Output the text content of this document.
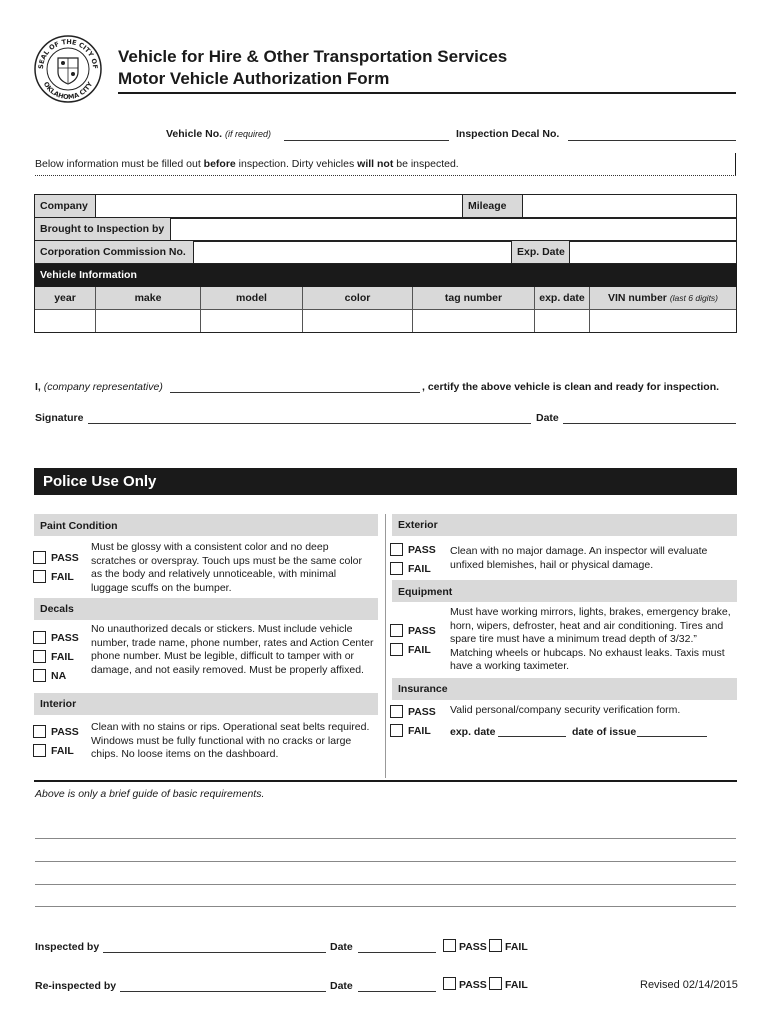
SEAL OF THE CITY OF
OKLAHOMA CITY
Vehicle for Hire & Other Transportation Services
Motor Vehicle Authorization Form
Vehicle No. (if required)	Inspection Decal No.
Below information must be filled out before inspection. Dirty vehicles will not be inspected.
Company	Mileage
Brought to Inspection by
Corporation Commission No.	Exp. Date
Vehicle Information
year	make	model	color	tag number	exp. date	VIN number (last 6 digits)
I, (company representative)	, certify the above vehicle is clean and ready for inspection.
Signature	Date
Police Use Only
Paint Condition
PASS
FAIL
Must be glossy with a consistent color and no deep scratches or overspray. Touch ups must be the same color as the body and relatively unnoticeable, with minimal luggage scuffs on the bumper.
Decals
PASS
FAIL
NA
No unauthorized decals or stickers. Must include vehicle number, trade name, phone number, rates and Action Center phone number. Must be legible, difficult to tamper with or damage, and not easily removed. Must be properly affixed.
Interior
PASS
FAIL
Clean with no stains or rips. Operational seat belts required. Windows must be fully functional with no cracks or large chips. No loose items on the dashboard.
Exterior
PASS
FAIL
Clean with no major damage. An inspector will evaluate unfixed blemishes, hail or physical damage.
Equipment
PASS
FAIL
Must have working mirrors, lights, brakes, emergency brake, horn, wipers, defroster, heat and air conditioning. Tires and spare tire must have a minimum tread depth of 3/32.” Matching wheels or hubcaps. No exhaust leaks. Taxis must have a working taximeter.
Insurance
PASS
FAIL
Valid personal/company security verification form.
exp. date	date of issue
Above is only a brief guide of basic requirements.
Inspected by	Date	PASS FAIL
Re-inspected by	Date	PASS FAIL	Revised 02/14/2015
